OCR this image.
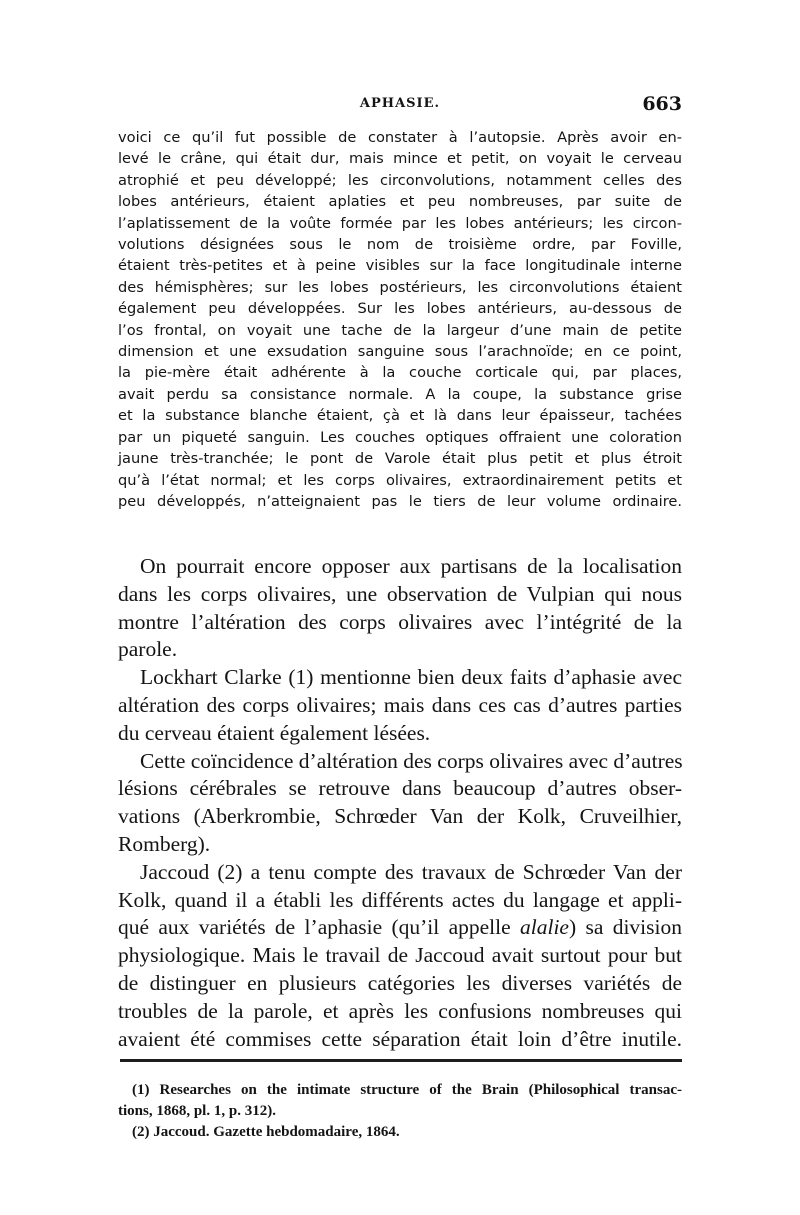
APHASIE.	663
voici ce qu’il fut possible de constater à l’autopsie. Après avoir en-
levé le crâne, qui était dur, mais mince et petit, on voyait le cerveau
atrophié et peu développé; les circonvolutions, notamment celles des
lobes antérieurs, étaient aplaties et peu nombreuses, par suite de
l’aplatissement de la voûte formée par les lobes antérieurs; les circon-
volutions désignées sous le nom de troisième ordre, par Foville,
étaient très-petites et à peine visibles sur la face longitudinale interne
des hémisphères; sur les lobes postérieurs, les circonvolutions étaient
également peu développées. Sur les lobes antérieurs, au-dessous de
l’os frontal, on voyait une tache de la largeur d’une main de petite
dimension et une exsudation sanguine sous l’arachnoïde; en ce point,
la pie-mère était adhérente à la couche corticale qui, par places,
avait perdu sa consistance normale. A la coupe, la substance grise
et la substance blanche étaient, çà et là dans leur épaisseur, tachées
par un piqueté sanguin. Les couches optiques offraient une coloration
jaune très-tranchée; le pont de Varole était plus petit et plus étroit
qu’à l’état normal; et les corps olivaires, extraordinairement petits et
peu développés, n’atteignaient pas le tiers de leur volume ordinaire.
On pourrait encore opposer aux partisans de la localisation
dans les corps olivaires, une observation de Vulpian qui nous
montre l’altération des corps olivaires avec l’intégrité de la
parole.
Lockhart Clarke (1) mentionne bien deux faits d’aphasie avec
altération des corps olivaires; mais dans ces cas d’autres parties
du cerveau étaient également lésées.
Cette coïncidence d’altération des corps olivaires avec d’autres
lésions cérébrales se retrouve dans beaucoup d’autres obser-
vations (Aberkrombie, Schrœder Van der Kolk, Cruveilhier,
Romberg).
Jaccoud (2) a tenu compte des travaux de Schrœder Van der
Kolk, quand il a établi les différents actes du langage et appli-
qué aux variétés de l’aphasie (qu’il appelle alalie) sa division
physiologique. Mais le travail de Jaccoud avait surtout pour but
de distinguer en plusieurs catégories les diverses variétés de
troubles de la parole, et après les confusions nombreuses qui
avaient été commises cette séparation était loin d’être inutile.
(1) Researches on the intimate structure of the Brain (Philosophical transac-
tions, 1868, pl. 1, p. 312).
(2) Jaccoud. Gazette hebdomadaire, 1864.
